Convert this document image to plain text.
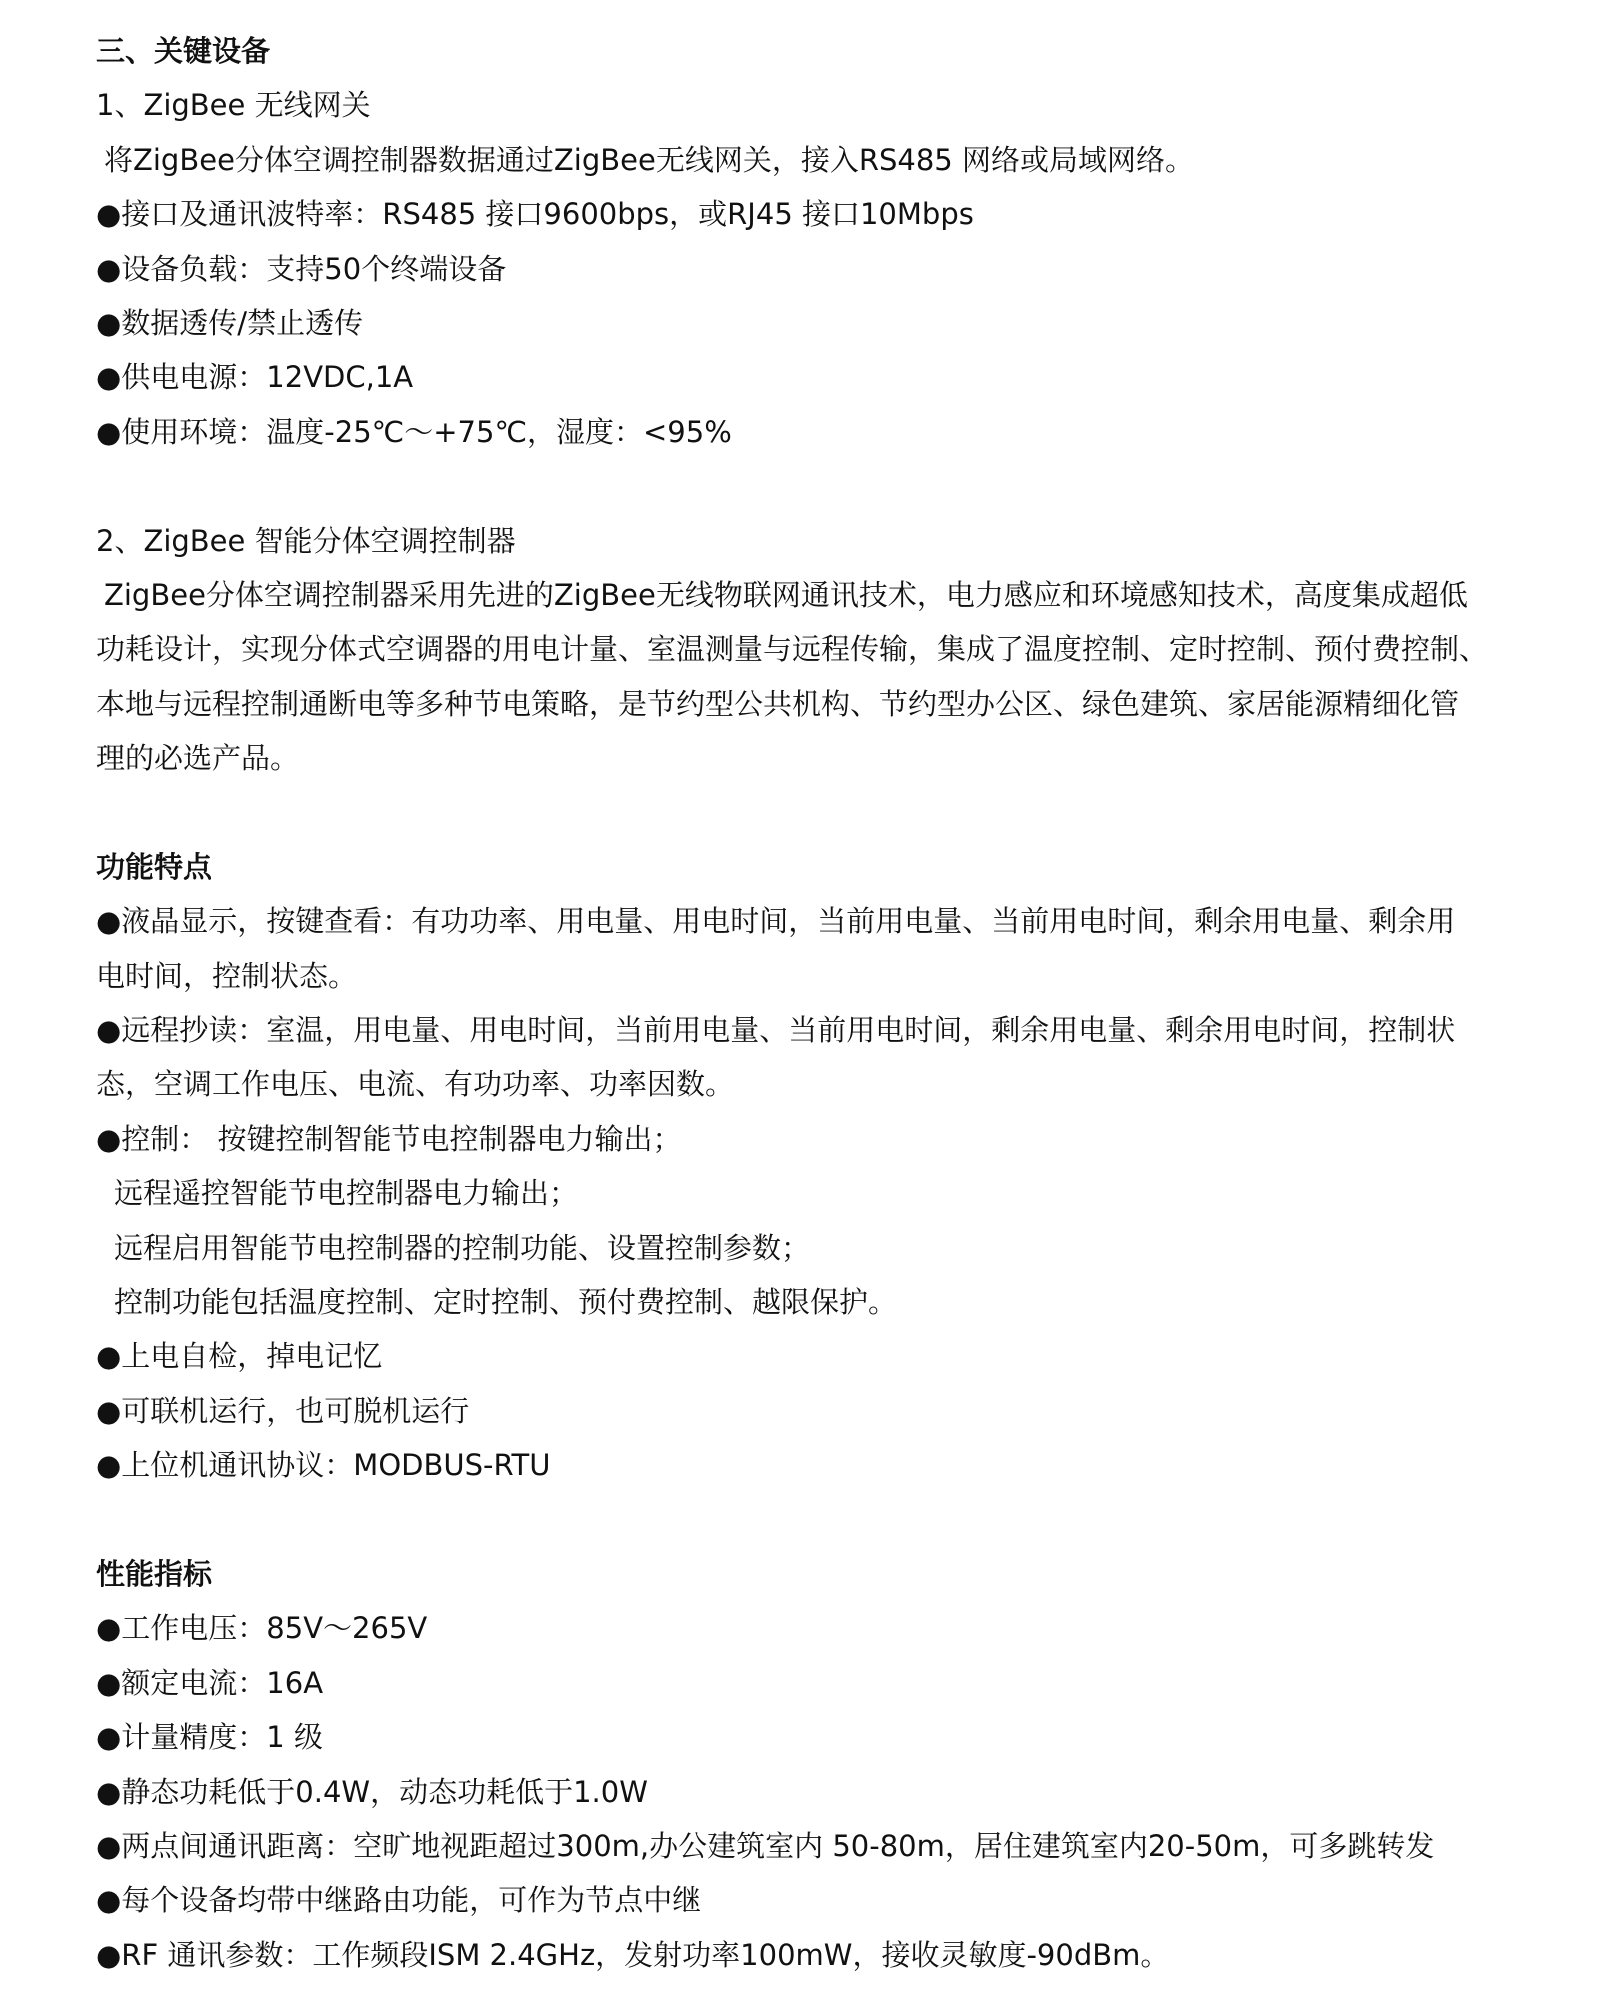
三、关键设备
1、ZigBee 无线网关
将ZigBee分体空调控制器数据通过ZigBee无线网关，接入RS485 网络或局域网络。
●接口及通讯波特率：RS485 接口9600bps，或RJ45 接口10Mbps
●设备负载：支持50个终端设备
●数据透传/禁止透传
●供电电源：12VDC,1A
●使用环境：温度-25℃～+75℃，湿度：<95%
2、ZigBee 智能分体空调控制器
ZigBee分体空调控制器采用先进的ZigBee无线物联网通讯技术，电力感应和环境感知技术，高度集成超低
功耗设计，实现分体式空调器的用电计量、室温测量与远程传输，集成了温度控制、定时控制、预付费控制、
本地与远程控制通断电等多种节电策略，是节约型公共机构、节约型办公区、绿色建筑、家居能源精细化管
理的必选产品。
功能特点
●液晶显示，按键查看：有功功率、用电量、用电时间，当前用电量、当前用电时间，剩余用电量、剩余用
电时间，控制状态。
●远程抄读：室温，用电量、用电时间，当前用电量、当前用电时间，剩余用电量、剩余用电时间，控制状
态，空调工作电压、电流、有功功率、功率因数。
●控制： 按键控制智能节电控制器电力输出；
远程遥控智能节电控制器电力输出；
远程启用智能节电控制器的控制功能、设置控制参数；
控制功能包括温度控制、定时控制、预付费控制、越限保护。
●上电自检，掉电记忆
●可联机运行，也可脱机运行
●上位机通讯协议：MODBUS-RTU
性能指标
●工作电压：85V～265V
●额定电流：16A
●计量精度：1 级
●静态功耗低于0.4W，动态功耗低于1.0W
●两点间通讯距离：空旷地视距超过300m,办公建筑室内 50-80m，居住建筑室内20-50m，可多跳转发
●每个设备均带中继路由功能，可作为节点中继
●RF 通讯参数：工作频段ISM 2.4GHz，发射功率100mW，接收灵敏度-90dBm。
